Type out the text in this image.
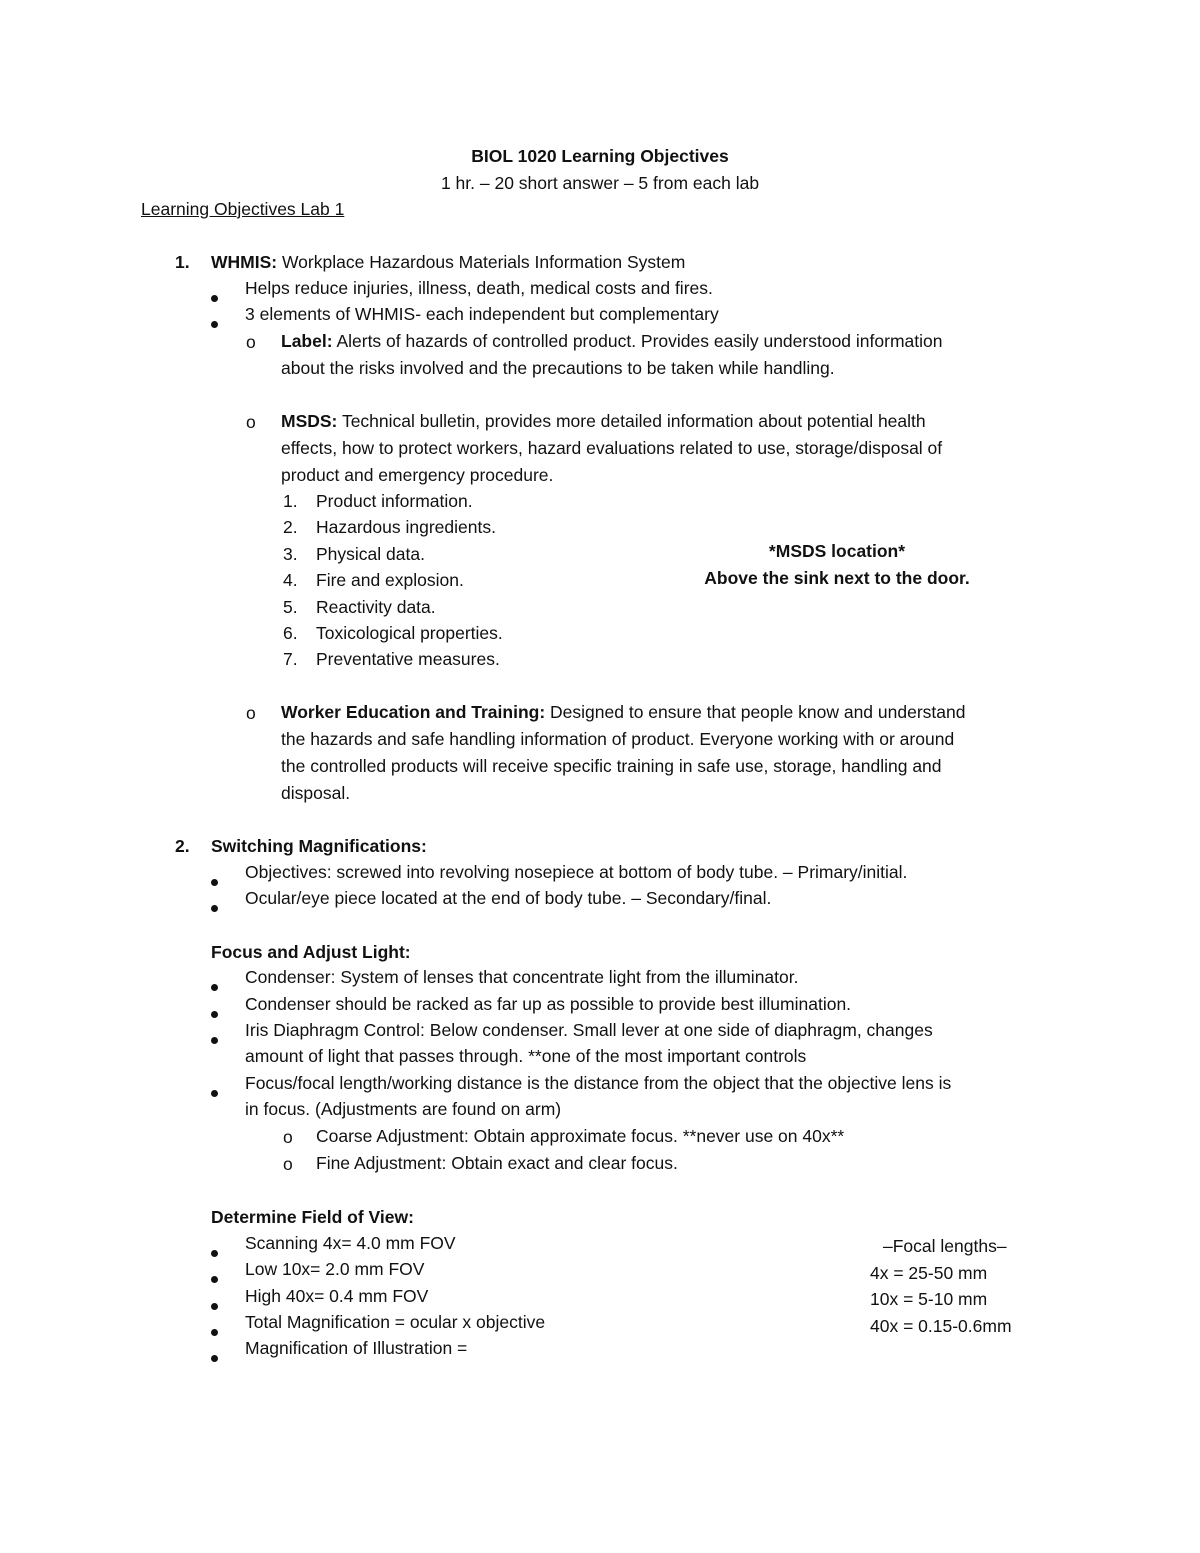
BIOL 1020 Learning Objectives
1 hr. – 20 short answer – 5 from each lab
Learning Objectives Lab 1
1. WHMIS: Workplace Hazardous Materials Information System
Helps reduce injuries, illness, death, medical costs and fires.
3 elements of WHMIS- each independent but complementary
o Label: Alerts of hazards of controlled product. Provides easily understood information
about the risks involved and the precautions to be taken while handling.
o MSDS: Technical bulletin, provides more detailed information about potential health
effects, how to protect workers, hazard evaluations related to use, storage/disposal of
product and emergency procedure.
1. Product information.
2. Hazardous ingredients.
3. Physical data.
4. Fire and explosion.
5. Reactivity data.
6. Toxicological properties.
7. Preventative measures.
*MSDS location*
Above the sink next to the door.
o Worker Education and Training: Designed to ensure that people know and understand
the hazards and safe handling information of product. Everyone working with or around
the controlled products will receive specific training in safe use, storage, handling and
disposal.
2. Switching Magnifications:
Objectives: screwed into revolving nosepiece at bottom of body tube. – Primary/initial.
Ocular/eye piece located at the end of body tube. – Secondary/final.
Focus and Adjust Light:
Condenser: System of lenses that concentrate light from the illuminator.
Condenser should be racked as far up as possible to provide best illumination.
Iris Diaphragm Control: Below condenser. Small lever at one side of diaphragm, changes
amount of light that passes through. **one of the most important controls
Focus/focal length/working distance is the distance from the object that the objective lens is
in focus. (Adjustments are found on arm)
o Coarse Adjustment: Obtain approximate focus. **never use on 40x**
o Fine Adjustment: Obtain exact and clear focus.
Determine Field of View:
Scanning 4x= 4.0 mm FOV
Low 10x= 2.0 mm FOV
High 40x= 0.4 mm FOV
Total Magnification = ocular x objective
Magnification of Illustration =
–Focal lengths–
4x = 25-50 mm
10x = 5-10 mm
40x = 0.15-0.6mm
